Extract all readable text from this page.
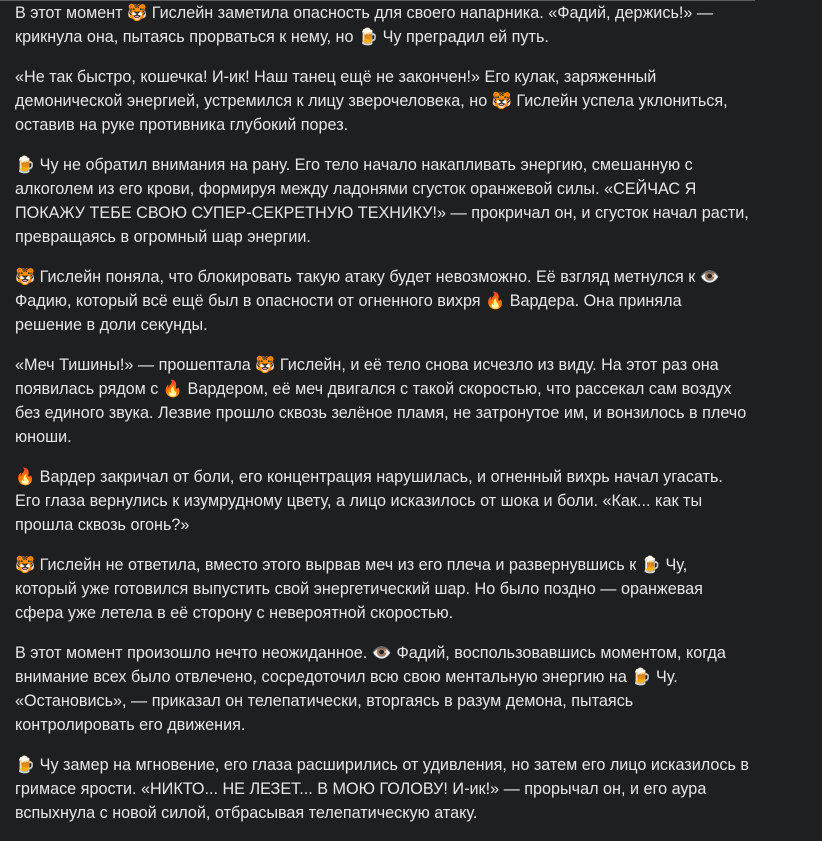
В этот момент 🐯 Гислейн заметила опасность для своего напарника. «Фадий, держись!» — крикнула она, пытаясь прорваться к нему, но 🍺 Чу преградил ей путь.

«Не так быстро, кошечка! И-ик! Наш танец ещё не закончен!» Его кулак, заряженный демонической энергией, устремился к лицу зверочеловека, но 🐯 Гислейн успела уклониться, оставив на руке противника глубокий порез.

🍺 Чу не обратил внимания на рану. Его тело начало накапливать энергию, смешанную с алкоголем из его крови, формируя между ладонями сгусток оранжевой силы. «СЕЙЧАС Я ПОКАЖУ ТЕБЕ СВОЮ СУПЕР-СЕКРЕТНУЮ ТЕХНИКУ!» — прокричал он, и сгусток начал расти, превращаясь в огромный шар энергии.

🐯 Гислейн поняла, что блокировать такую атаку будет невозможно. Её взгляд метнулся к 👁️ Фадию, который всё ещё был в опасности от огненного вихря 🔥 Вардера. Она приняла решение в доли секунды.

«Меч Тишины!» — прошептала 🐯 Гислейн, и её тело снова исчезло из виду. На этот раз она появилась рядом с 🔥 Вардером, её меч двигался с такой скоростью, что рассекал сам воздух без единого звука. Лезвие прошло сквозь зелёное пламя, не затронутое им, и вонзилось в плечо юноши.

🔥 Вардер закричал от боли, его концентрация нарушилась, и огненный вихрь начал угасать. Его глаза вернулись к изумрудному цвету, а лицо исказилось от шока и боли. «Как... как ты прошла сквозь огонь?»

🐯 Гислейн не ответила, вместо этого вырвав меч из его плеча и развернувшись к 🍺 Чу, который уже готовился выпустить свой энергетический шар. Но было поздно — оранжевая сфера уже летела в её сторону с невероятной скоростью.

В этот момент произошло нечто неожиданное. 👁️ Фадий, воспользовавшись моментом, когда внимание всех было отвлечено, сосредоточил всю свою ментальную энергию на 🍺 Чу. «Остановись», — приказал он телепатически, вторгаясь в разум демона, пытаясь контролировать его движения.

🍺 Чу замер на мгновение, его глаза расширились от удивления, но затем его лицо исказилось в гримасе ярости. «НИКТО... НЕ ЛЕЗЕТ... В МОЮ ГОЛОВУ! И-ик!» — прорычал он, и его аура вспыхнула с новой силой, отбрасывая телепатическую атаку.
